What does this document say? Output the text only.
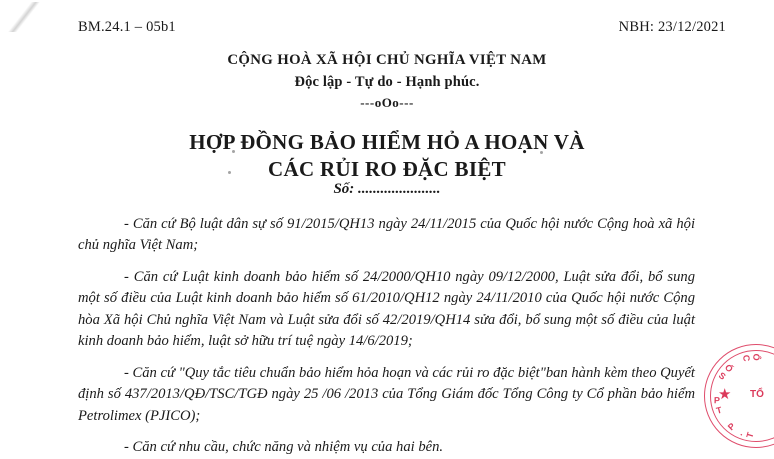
BM.24.1 – 05b1	NBH: 23/12/2021
CỘNG HOÀ XÃ HỘI CHỦ NGHĨA VIỆT NAM
Độc lập - Tự do - Hạnh phúc.
---oOo---
HỢP ĐỒNG BẢO HIỂM HỎ A HOẠN VÀ
CÁC RỦI RO ĐẶC BIỆT
Số: ......................

- Căn cứ Bộ luật dân sự số 91/2015/QH13 ngày 24/11/2015 của Quốc hội nước Cộng hoà xã hội chủ nghĩa Việt Nam;

- Căn cứ Luật kinh doanh bảo hiểm số 24/2000/QH10 ngày 09/12/2000, Luật sửa đổi, bổ sung một số điều của Luật kinh doanh bảo hiểm số 61/2010/QH12 ngày 24/11/2010 của Quốc hội nước Cộng hòa Xã hội Chủ nghĩa Việt Nam và Luật sửa đổi số 42/2019/QH14 sửa đổi, bổ sung một số điều của luật kinh doanh bảo hiểm, luật sở hữu trí tuệ ngày 14/6/2019;

- Căn cứ "Quy tắc tiêu chuẩn bảo hiểm hỏa hoạn và các rủi ro đặc biệt"ban hành kèm theo Quyết định số 437/2013/QĐ/TSC/TGĐ ngày 25 /06 /2013 của Tổng Giám đốc Tổng Công ty Cổ phần bảo hiểm Petrolimex (PJICO);

- Căn cứ nhu cầu, chức năng và nhiệm vụ của hai bên.

S
Ố
C Ô
T
.
P
T
P
★ TỔ
